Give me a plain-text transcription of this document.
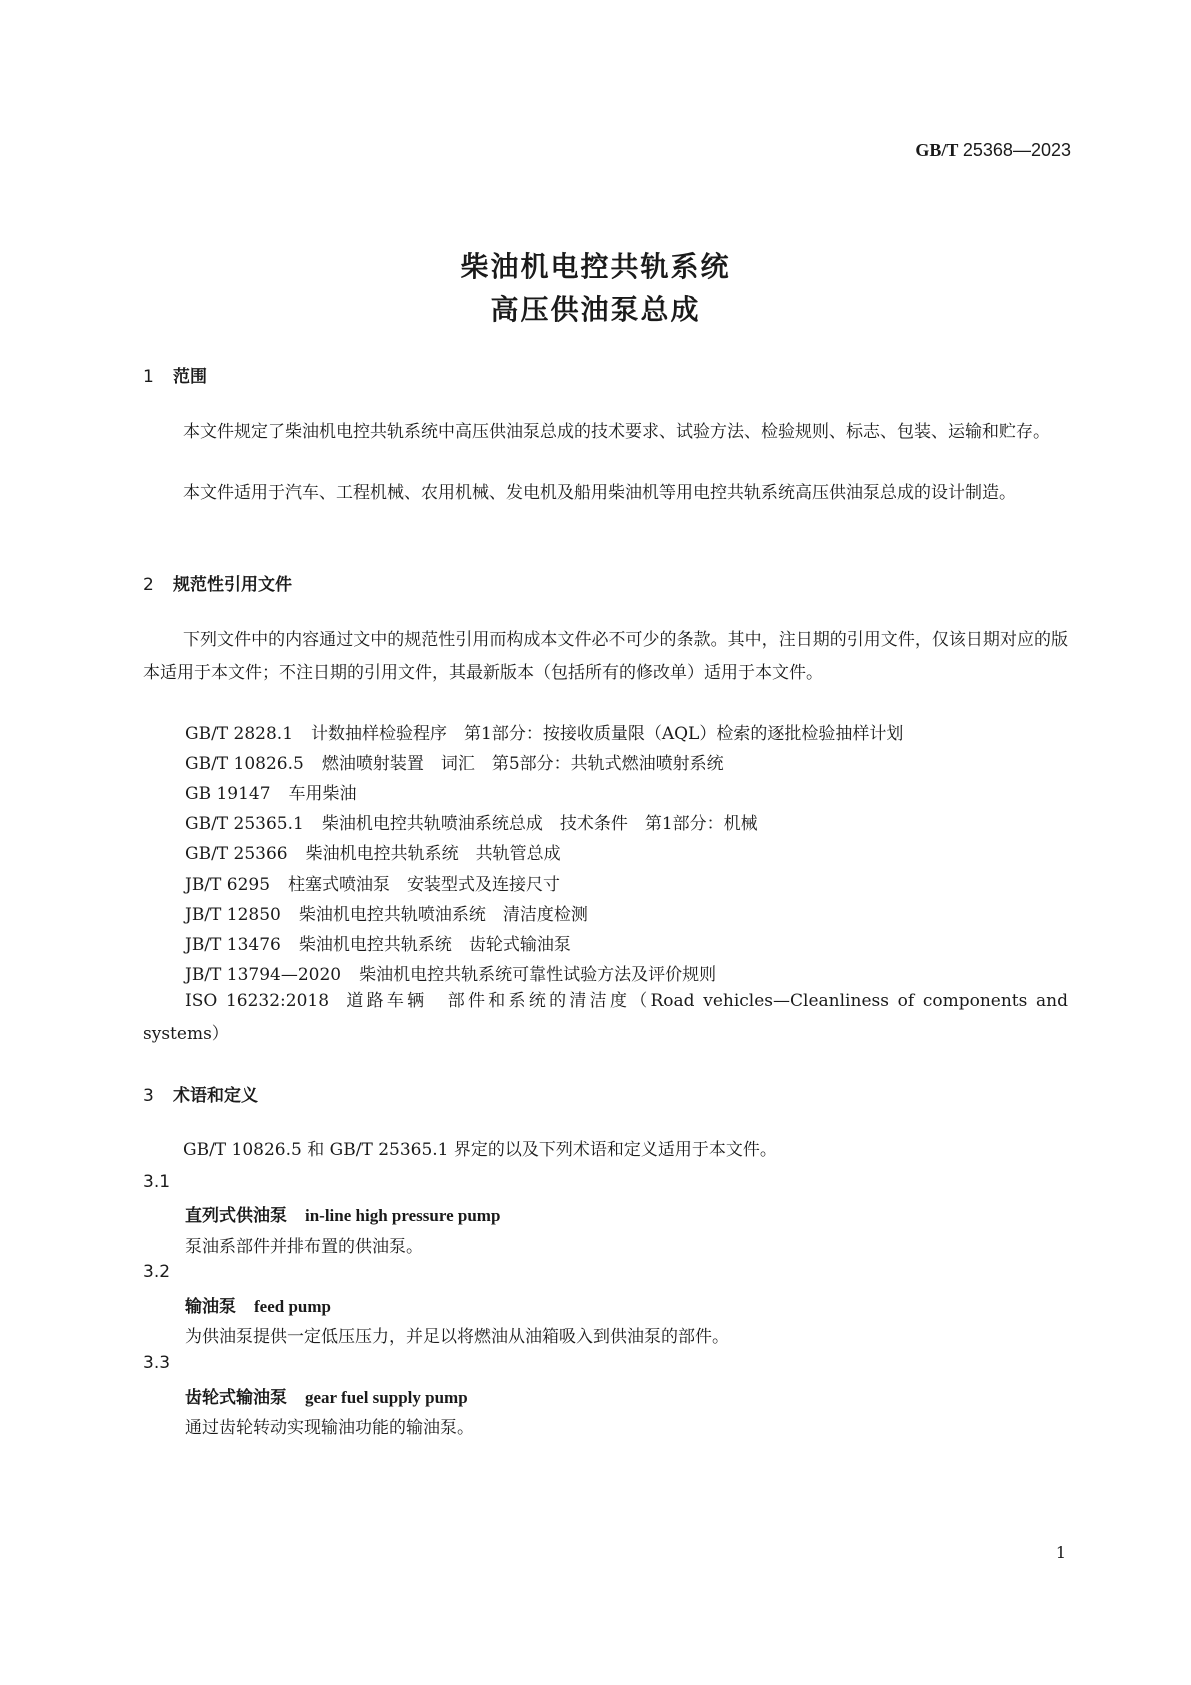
GB/T 25368—2023
柴油机电控共轨系统
高压供油泵总成
1 范围
本文件规定了柴油机电控共轨系统中高压供油泵总成的技术要求、试验方法、检验规则、标志、包装、运输和贮存。
本文件适用于汽车、工程机械、农用机械、发电机及船用柴油机等用电控共轨系统高压供油泵总成的设计制造。
2 规范性引用文件
下列文件中的内容通过文中的规范性引用而构成本文件必不可少的条款。其中，注日期的引用文件，仅该日期对应的版本适用于本文件；不注日期的引用文件，其最新版本（包括所有的修改单）适用于本文件。
GB/T 2828.1 计数抽样检验程序　第1部分：按接收质量限（AQL）检索的逐批检验抽样计划
GB/T 10826.5 燃油喷射装置　词汇　第5部分：共轨式燃油喷射系统
GB 19147 车用柴油
GB/T 25365.1 柴油机电控共轨喷油系统总成　技术条件　第1部分：机械
GB/T 25366 柴油机电控共轨系统　共轨管总成
JB/T 6295 柱塞式喷油泵　安装型式及连接尺寸
JB/T 12850 柴油机电控共轨喷油系统　清洁度检测
JB/T 13476 柴油机电控共轨系统　齿轮式输油泵
JB/T 13794—2020 柴油机电控共轨系统可靠性试验方法及评价规则
ISO 16232:2018 道路车辆　部件和系统的清洁度（Road vehicles—Cleanliness of components and systems）
3 术语和定义
GB/T 10826.5 和 GB/T 25365.1 界定的以及下列术语和定义适用于本文件。
3.1
直列式供油泵 in-line high pressure pump
泵油系部件并排布置的供油泵。
3.2
输油泵 feed pump
为供油泵提供一定低压压力，并足以将燃油从油箱吸入到供油泵的部件。
3.3
齿轮式输油泵 gear fuel supply pump
通过齿轮转动实现输油功能的输油泵。
1
